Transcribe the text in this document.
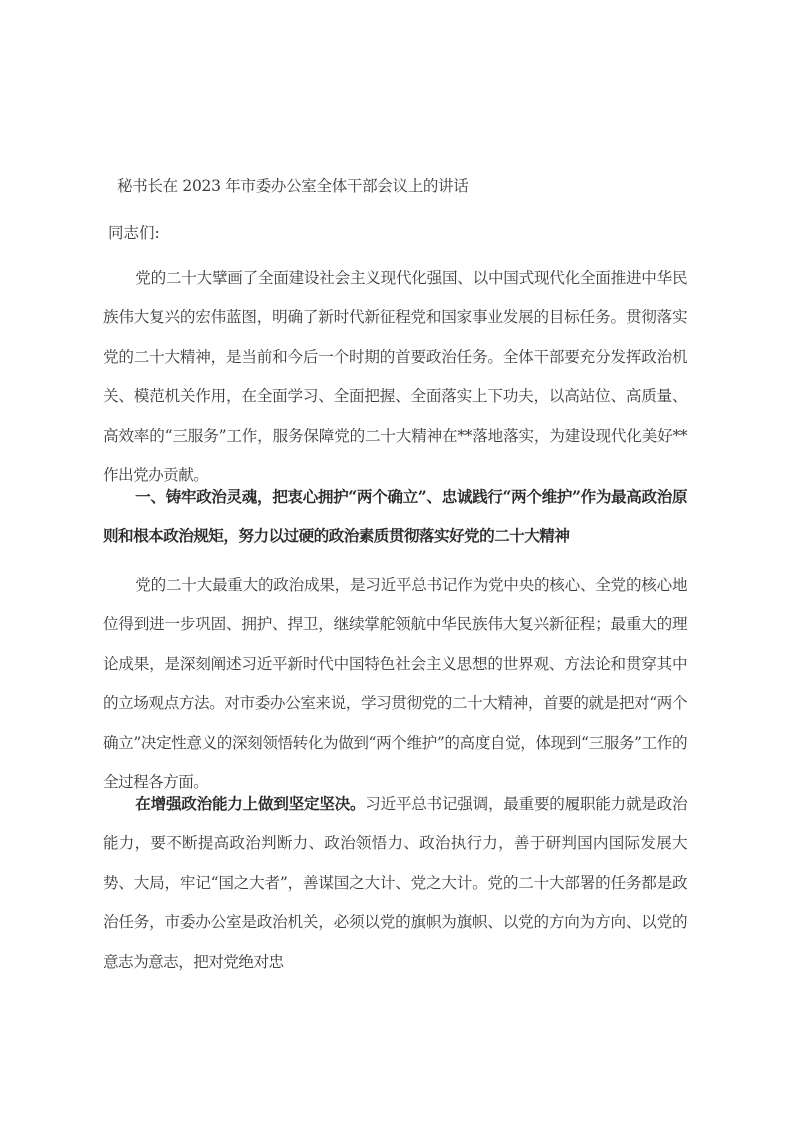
秘书长在 2023 年市委办公室全体干部会议上的讲话
同志们:
党的二十大擘画了全面建设社会主义现代化强国、以中国式现代化全面推进中华民族伟大复兴的宏伟蓝图，明确了新时代新征程党和国家事业发展的目标任务。贯彻落实党的二十大精神，是当前和今后一个时期的首要政治任务。全体干部要充分发挥政治机关、模范机关作用，在全面学习、全面把握、全面落实上下功夫，以高站位、高质量、高效率的“三服务”工作，服务保障党的二十大精神在**落地落实，为建设现代化美好**作出党办贡献。
一、铸牢政治灵魂，把衷心拥护“两个确立”、忠诚践行“两个维护”作为最高政治原则和根本政治规矩，努力以过硬的政治素质贯彻落实好党的二十大精神
党的二十大最重大的政治成果，是习近平总书记作为党中央的核心、全党的核心地位得到进一步巩固、拥护、捍卫，继续掌舵领航中华民族伟大复兴新征程；最重大的理论成果，是深刻阐述习近平新时代中国特色社会主义思想的世界观、方法论和贯穿其中的立场观点方法。对市委办公室来说，学习贯彻党的二十大精神，首要的就是把对“两个确立”决定性意义的深刻领悟转化为做到“两个维护”的高度自觉，体现到“三服务”工作的全过程各方面。
在增强政治能力上做到坚定坚决。习近平总书记强调，最重要的履职能力就是政治能力，要不断提高政治判断力、政治领悟力、政治执行力，善于研判国内国际发展大势、大局，牢记“国之大者”，善谋国之大计、党之大计。党的二十大部署的任务都是政治任务，市委办公室是政治机关，必须以党的旗帜为旗帜、以党的方向为方向、以党的意志为意志，把对党绝对忠
